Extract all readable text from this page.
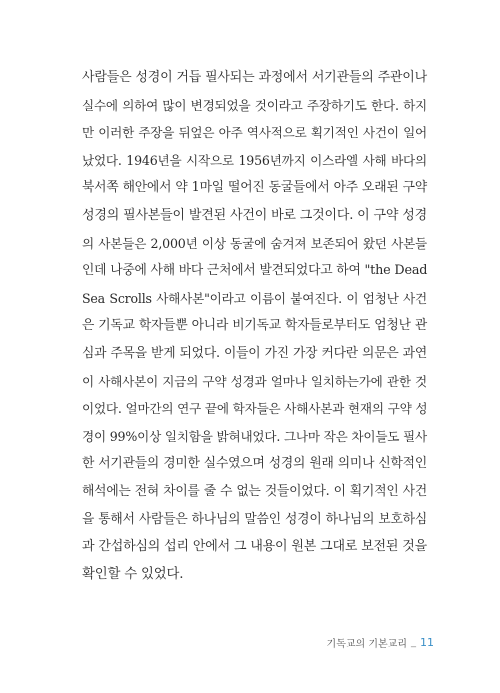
사람들은 성경이 거듭 필사되는 과정에서 서기관들의 주관이나
실수에 의하여 많이 변경되었을 것이라고 주장하기도 한다. 하지
만 이러한 주장을 뒤엎은 아주 역사적으로 획기적인 사건이 일어
났었다. 1946년을 시작으로 1956년까지 이스라엘 사해 바다의
북서쪽 해안에서 약 1마일 떨어진 동굴들에서 아주 오래된 구약
성경의 필사본들이 발견된 사건이 바로 그것이다. 이 구약 성경
의 사본들은 2,000년 이상 동굴에 숨겨져 보존되어 왔던 사본들
인데 나중에 사해 바다 근처에서 발견되었다고 하여 "the Dead
Sea Scrolls 사해사본"이라고 이름이 붙여진다. 이 엄청난 사건
은 기독교 학자들뿐 아니라 비기독교 학자들로부터도 엄청난 관
심과 주목을 받게 되었다. 이들이 가진 가장 커다란 의문은 과연
이 사해사본이 지금의 구약 성경과 얼마나 일치하는가에 관한 것
이었다. 얼마간의 연구 끝에 학자들은 사해사본과 현재의 구약 성
경이 99%이상 일치함을 밝혀내었다. 그나마 작은 차이들도 필사
한 서기관들의 경미한 실수였으며 성경의 원래 의미나 신학적인
해석에는 전혀 차이를 줄 수 없는 것들이었다. 이 획기적인 사건
을 통해서 사람들은 하나님의 말씀인 성경이 하나님의 보호하심
과 간섭하심의 섭리 안에서 그 내용이 원본 그대로 보전된 것을
확인할 수 있었다.
기독교의 기본교리 _ 11
